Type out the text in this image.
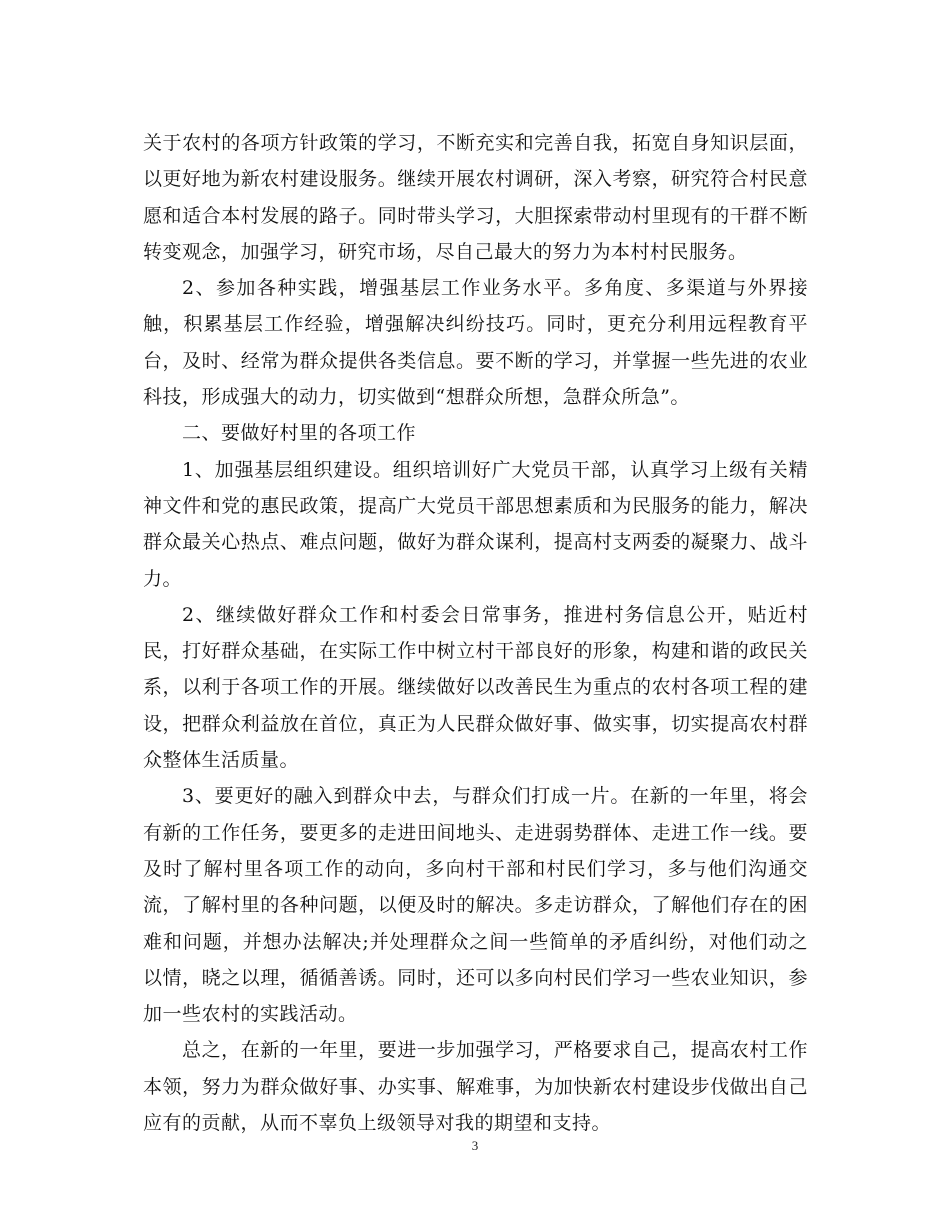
关于农村的各项方针政策的学习，不断充实和完善自我，拓宽自身知识层面，以更好地为新农村建设服务。继续开展农村调研，深入考察，研究符合村民意愿和适合本村发展的路子。同时带头学习，大胆探索带动村里现有的干群不断转变观念，加强学习，研究市场，尽自己最大的努力为本村村民服务。

2、参加各种实践，增强基层工作业务水平。多角度、多渠道与外界接触，积累基层工作经验，增强解决纠纷技巧。同时，更充分利用远程教育平台，及时、经常为群众提供各类信息。要不断的学习，并掌握一些先进的农业科技，形成强大的动力，切实做到“想群众所想，急群众所急”。

二、要做好村里的各项工作

1、加强基层组织建设。组织培训好广大党员干部，认真学习上级有关精神文件和党的惠民政策，提高广大党员干部思想素质和为民服务的能力，解决群众最关心热点、难点问题，做好为群众谋利，提高村支两委的凝聚力、战斗力。

2、继续做好群众工作和村委会日常事务，推进村务信息公开，贴近村民，打好群众基础，在实际工作中树立村干部良好的形象，构建和谐的政民关系，以利于各项工作的开展。继续做好以改善民生为重点的农村各项工程的建设，把群众利益放在首位，真正为人民群众做好事、做实事，切实提高农村群众整体生活质量。

3、要更好的融入到群众中去，与群众们打成一片。在新的一年里，将会有新的工作任务，要更多的走进田间地头、走进弱势群体、走进工作一线。要及时了解村里各项工作的动向，多向村干部和村民们学习，多与他们沟通交流，了解村里的各种问题，以便及时的解决。多走访群众，了解他们存在的困难和问题，并想办法解决;并处理群众之间一些简单的矛盾纠纷，对他们动之以情，晓之以理，循循善诱。同时，还可以多向村民们学习一些农业知识，参加一些农村的实践活动。

总之，在新的一年里，要进一步加强学习，严格要求自己，提高农村工作本领，努力为群众做好事、办实事、解难事，为加快新农村建设步伐做出自己应有的贡献，从而不辜负上级领导对我的期望和支持。

3
